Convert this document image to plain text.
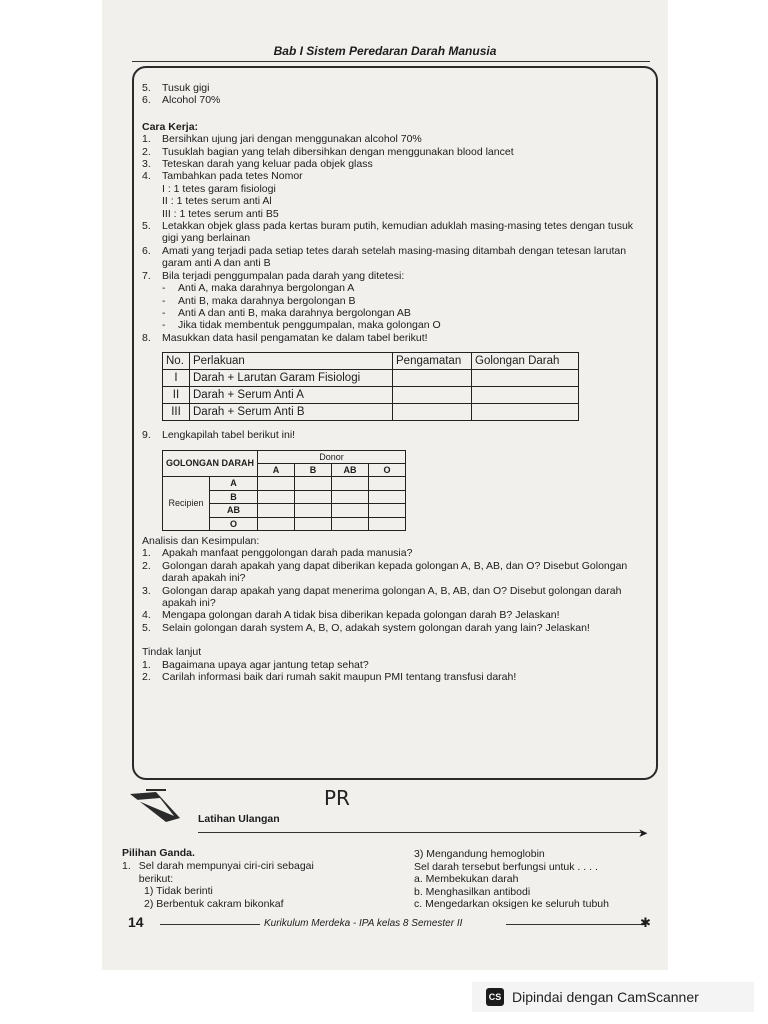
Bab I Sistem Peredaran Darah Manusia
5. Tusuk gigi
6. Alcohol 70%
Cara Kerja:
1. Bersihkan ujung jari dengan menggunakan alcohol 70%
2. Tusuklah bagian yang telah dibersihkan dengan menggunakan blood lancet
3. Teteskan darah yang keluar pada objek glass
4. Tambahkan pada tetes Nomor
I : 1 tetes garam fisiologi
II : 1 tetes serum anti Al
III : 1 tetes serum anti B5
5. Letakkan objek glass pada kertas buram putih, kemudian aduklah masing-masing tetes dengan tusuk gigi yang berlainan
6. Amati yang terjadi pada setiap tetes darah setelah masing-masing ditambah dengan tetesan larutan garam anti A dan anti B
7. Bila terjadi penggumpalan pada darah yang ditetesi:
- Anti A, maka darahnya bergolongan A
- Anti B, maka darahnya bergolongan B
- Anti A dan anti B, maka darahnya bergolongan AB
- Jika tidak membentuk penggumpalan, maka golongan O
8. Masukkan data hasil pengamatan ke dalam tabel berikut!
No.	Perlakuan	Pengamatan	Golongan Darah
I	Darah + Larutan Garam Fisiologi		
II	Darah + Serum Anti A		
III	Darah + Serum Anti B		
9. Lengkapilah tabel berikut ini!
GOLONGAN DARAH		Donor			
		A	B	AB	O
Recipien	A				
	B				
	AB				
	O				
Analisis dan Kesimpulan:
1. Apakah manfaat penggolongan darah pada manusia?
2. Golongan darah apakah yang dapat diberikan kepada golongan A, B, AB, dan O? Disebut Golongan darah apakah ini?
3. Golongan darap apakah yang dapat menerima golongan A, B, AB, dan O? Disebut golongan darah apakah ini?
4. Mengapa golongan darah A tidak bisa diberikan kepada golongan darah B? Jelaskan!
5. Selain golongan darah system A, B, O, adakah system golongan darah yang lain? Jelaskan!
Tindak lanjut
1. Bagaimana upaya agar jantung tetap sehat?
2. Carilah informasi baik dari rumah sakit maupun PMI tentang transfusi darah!
PR
Latihan Ulangan
➤
Pilihan Ganda.
1. Sel darah mempunyai ciri-ciri sebagai berikut:
1) Tidak berinti
2) Berbentuk cakram bikonkaf
3) Mengandung hemoglobin
Sel darah tersebut berfungsi untuk . . . .
a. Membekukan darah
b. Menghasilkan antibodi
c. Mengedarkan oksigen ke seluruh tubuh
14	Kurikulum Merdeka - IPA kelas 8 Semester II	✱
CS Dipindai dengan CamScanner
